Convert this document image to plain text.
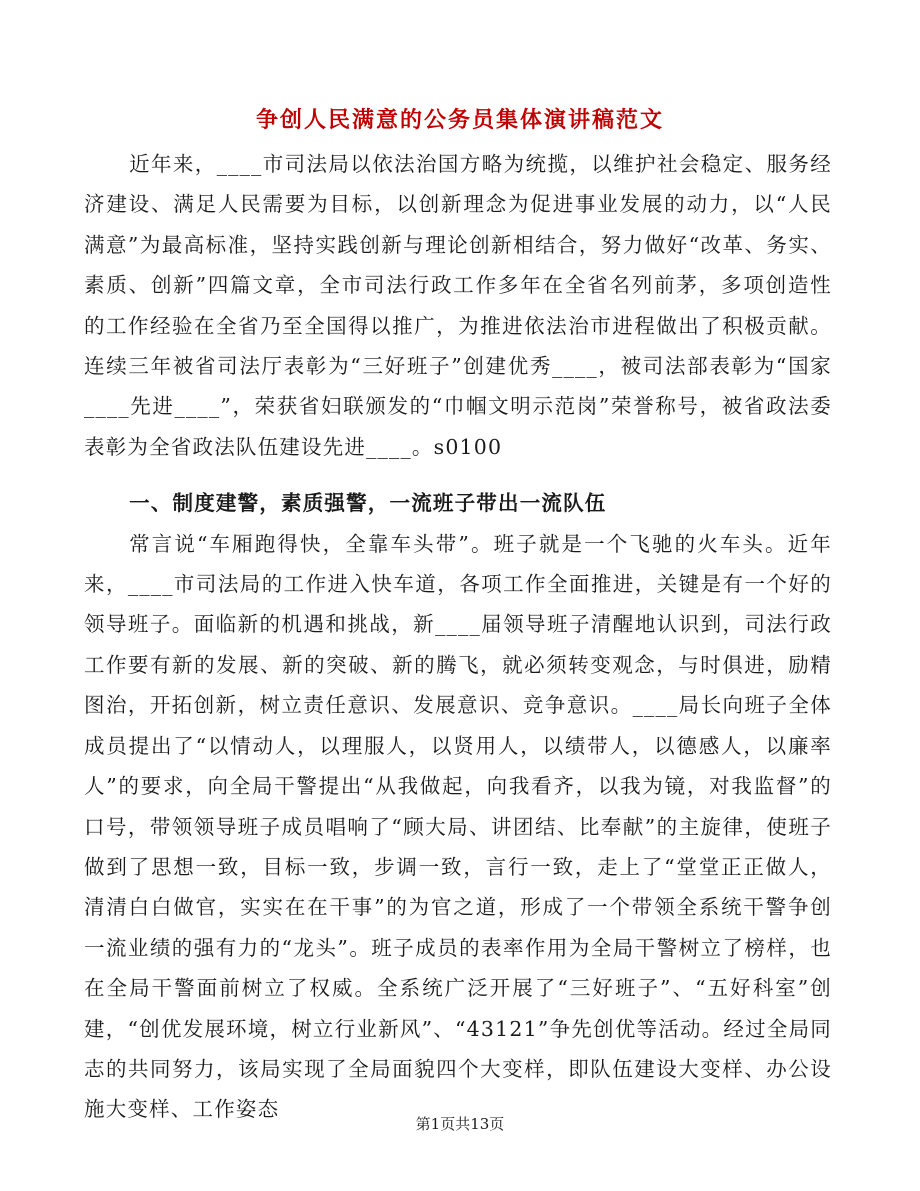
争创人民满意的公务员集体演讲稿范文

近年来，____市司法局以依法治国方略为统揽，以维护社会稳定、服务经济建设、满足人民需要为目标，以创新理念为促进事业发展的动力，以“人民满意”为最高标准，坚持实践创新与理论创新相结合，努力做好“改革、务实、素质、创新”四篇文章，全市司法行政工作多年在全省名列前茅，多项创造性的工作经验在全省乃至全国得以推广，为推进依法治市进程做出了积极贡献。连续三年被省司法厅表彰为“三好班子”创建优秀____，被司法部表彰为“国家____先进____”，荣获省妇联颁发的“巾帼文明示范岗”荣誉称号，被省政法委表彰为全省政法队伍建设先进____。s0100

一、制度建警，素质强警，一流班子带出一流队伍

常言说“车厢跑得快，全靠车头带”。班子就是一个飞驰的火车头。近年来，____市司法局的工作进入快车道，各项工作全面推进，关键是有一个好的领导班子。面临新的机遇和挑战，新____届领导班子清醒地认识到，司法行政工作要有新的发展、新的突破、新的腾飞，就必须转变观念，与时俱进，励精图治，开拓创新，树立责任意识、发展意识、竞争意识。____局长向班子全体成员提出了“以情动人，以理服人，以贤用人，以绩带人，以德感人，以廉率人”的要求，向全局干警提出“从我做起，向我看齐，以我为镜，对我监督”的口号，带领领导班子成员唱响了“顾大局、讲团结、比奉献”的主旋律，使班子做到了思想一致，目标一致，步调一致，言行一致，走上了“堂堂正正做人，清清白白做官，实实在在干事”的为官之道，形成了一个带领全系统干警争创一流业绩的强有力的“龙头”。班子成员的表率作用为全局干警树立了榜样，也在全局干警面前树立了权威。全系统广泛开展了“三好班子”、“五好科室”创建，“创优发展环境，树立行业新风”、“43121”争先创优等活动。经过全局同志的共同努力，该局实现了全局面貌四个大变样，即队伍建设大变样、办公设施大变样、工作姿态

第1页共13页
